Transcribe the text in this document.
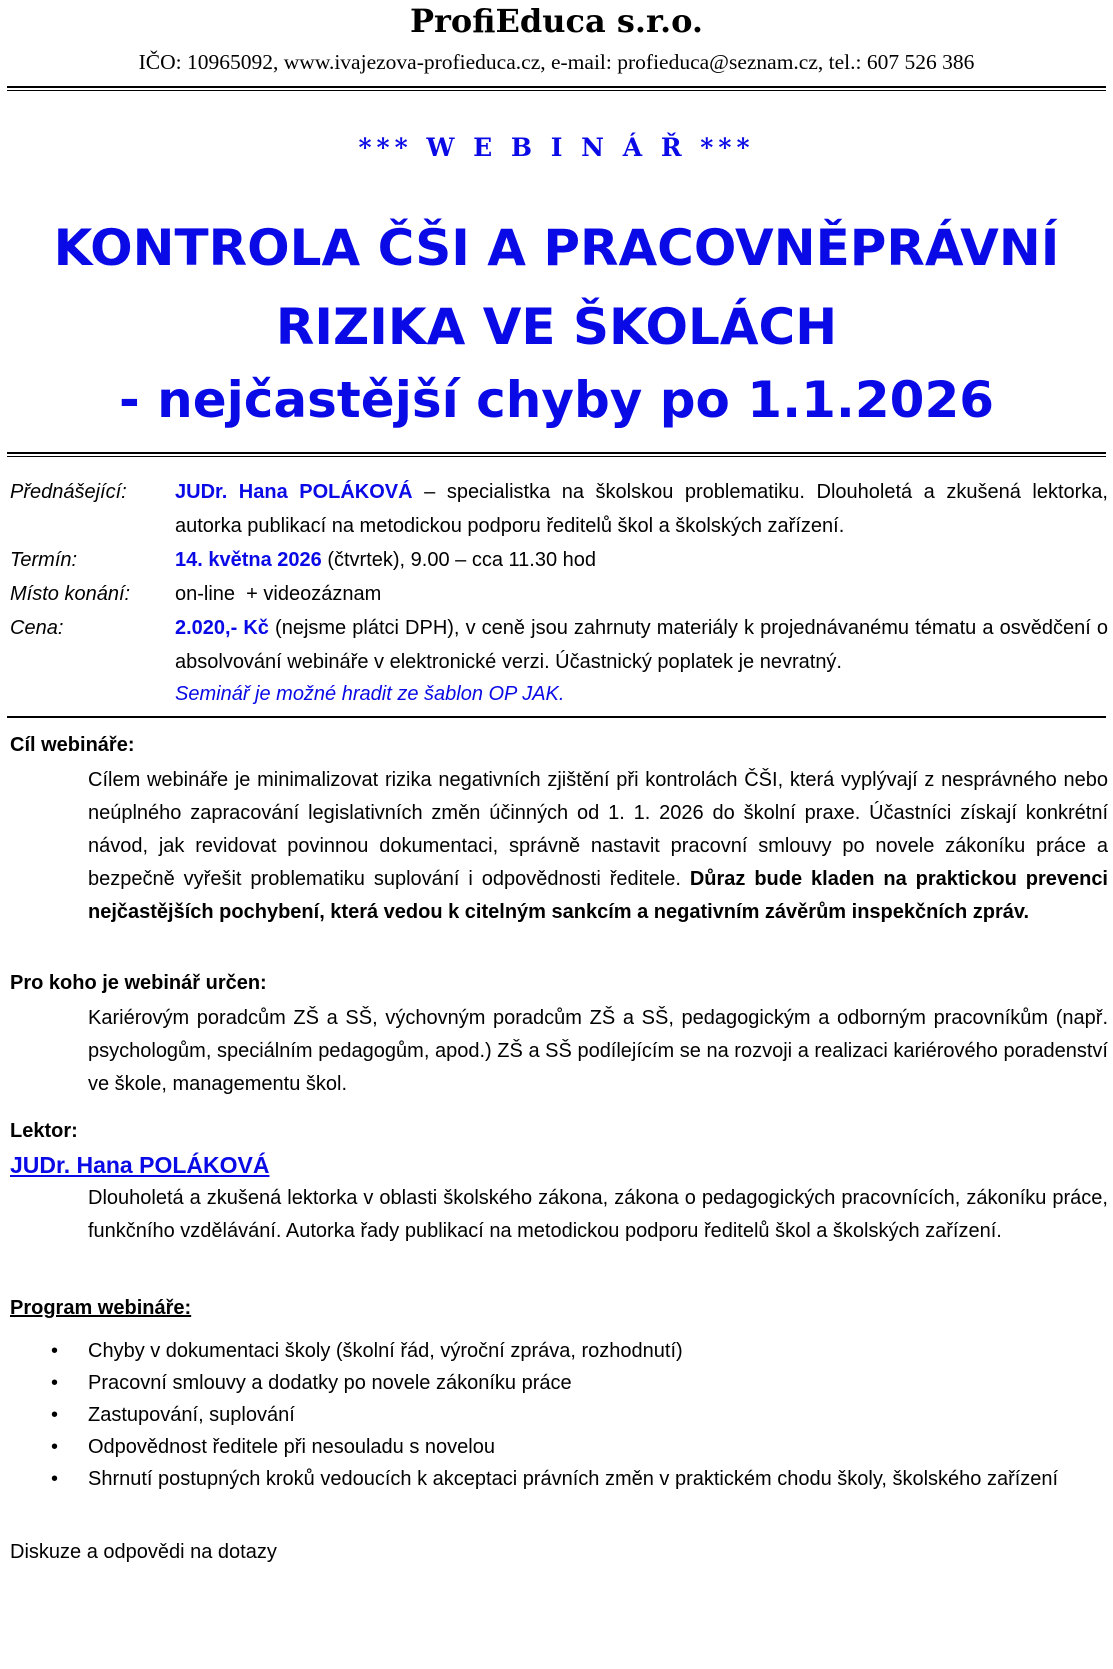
ProfiEduca s.r.o.
IČO: 10965092, www.ivajezova-profieduca.cz, e-mail: profieduca@seznam.cz, tel.: 607 526 386
*** W E B I N Á Ř ***
KONTROLA ČŠI A PRACOVNĚPRÁVNÍ
RIZIKA VE ŠKOLÁCH
- nejčastější chyby po 1.1.2026
Přednášející: JUDr. Hana POLÁKOVÁ – specialistka na školskou problematiku. Dlouholetá a zkušená lektorka, autorka publikací na metodickou podporu ředitelů škol a školských zařízení.
Termín:	14. května 2026 (čtvrtek), 9.00 – cca 11.30 hod
Místo konání: on-line  + videozáznam
Cena:	2.020,- Kč (nejsme plátci DPH), v ceně jsou zahrnuty materiály k projednávanému tématu a osvědčení o absolvování webináře v elektronické verzi. Účastnický poplatek je nevratný.
Seminář je možné hradit ze šablon OP JAK.
Cíl webináře:
Cílem webináře je minimalizovat rizika negativních zjištění při kontrolách ČŠI, která vyplývají z nesprávného nebo neúplného zapracování legislativních změn účinných od 1. 1. 2026 do školní praxe. Účastníci získají konkrétní návod, jak revidovat povinnou dokumentaci, správně nastavit pracovní smlouvy po novele zákoníku práce a bezpečně vyřešit problematiku suplování i odpovědnosti ředitele. Důraz bude kladen na praktickou prevenci nejčastějších pochybení, která vedou k citelným sankcím a negativním závěrům inspekčních zpráv.
Pro koho je webinář určen:
Kariérovým poradcům ZŠ a SŠ, výchovným poradcům ZŠ a SŠ, pedagogickým a odborným pracovníkům (např. psychologům, speciálním pedagogům, apod.) ZŠ a SŠ podílejícím se na rozvoji a realizaci kariérového poradenství ve škole, managementu škol.
Lektor:
JUDr. Hana POLÁKOVÁ
Dlouholetá a zkušená lektorka v oblasti školského zákona, zákona o pedagogických pracovnících, zákoníku práce, funkčního vzdělávání. Autorka řady publikací na metodickou podporu ředitelů škol a školských zařízení.
Program webináře:
• Chyby v dokumentaci školy (školní řád, výroční zpráva, rozhodnutí)
• Pracovní smlouvy a dodatky po novele zákoníku práce
• Zastupování, suplování
• Odpovědnost ředitele při nesouladu s novelou
• Shrnutí postupných kroků vedoucích k akceptaci právních změn v praktickém chodu školy, školského zařízení
Diskuze a odpovědi na dotazy
